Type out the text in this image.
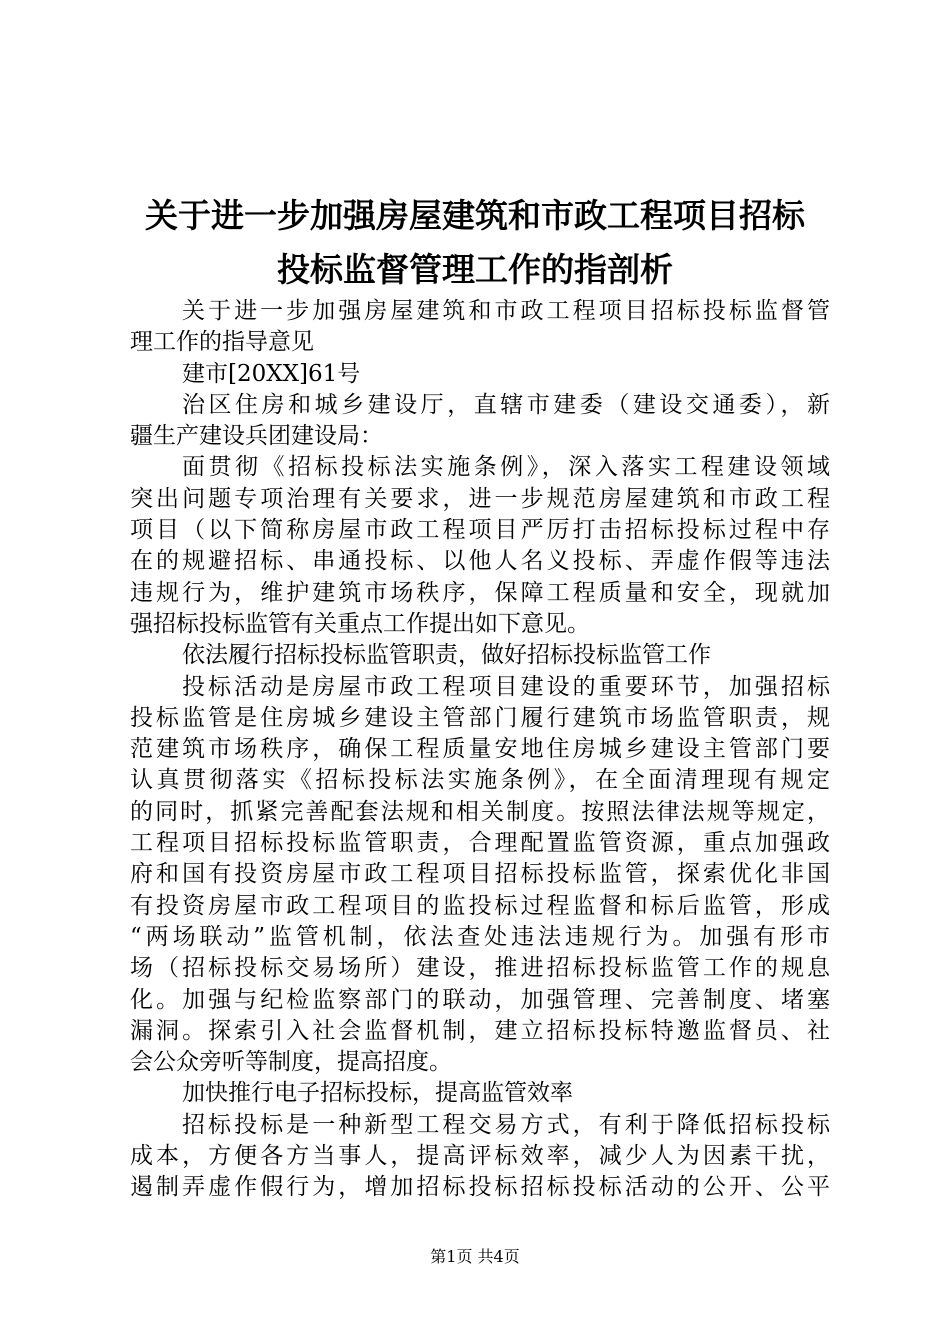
关于进一步加强房屋建筑和市政工程项目招标
投标监督管理工作的指剖析
关于进一步加强房屋建筑和市政工程项目招标投标监督管
理工作的指导意见
建市[20XX]61号
治区住房和城乡建设厅，直辖市建委（建设交通委），新
疆生产建设兵团建设局：
面贯彻《招标投标法实施条例》，深入落实工程建设领域
突出问题专项治理有关要求，进一步规范房屋建筑和市政工程
项目（以下简称房屋市政工程项目严厉打击招标投标过程中存
在的规避招标、串通投标、以他人名义投标、弄虚作假等违法
违规行为，维护建筑市场秩序，保障工程质量和安全，现就加
强招标投标监管有关重点工作提出如下意见。
依法履行招标投标监管职责，做好招标投标监管工作
投标活动是房屋市政工程项目建设的重要环节，加强招标
投标监管是住房城乡建设主管部门履行建筑市场监管职责，规
范建筑市场秩序，确保工程质量安地住房城乡建设主管部门要
认真贯彻落实《招标投标法实施条例》，在全面清理现有规定
的同时，抓紧完善配套法规和相关制度。按照法律法规等规定，
工程项目招标投标监管职责，合理配置监管资源，重点加强政
府和国有投资房屋市政工程项目招标投标监管，探索优化非国
有投资房屋市政工程项目的监投标过程监督和标后监管，形成
“两场联动”监管机制，依法查处违法违规行为。加强有形市
场（招标投标交易场所）建设，推进招标投标监管工作的规息
化。加强与纪检监察部门的联动，加强管理、完善制度、堵塞
漏洞。探索引入社会监督机制，建立招标投标特邀监督员、社
会公众旁听等制度，提高招度。
加快推行电子招标投标，提高监管效率
招标投标是一种新型工程交易方式，有利于降低招标投标
成本，方便各方当事人，提高评标效率，减少人为因素干扰，
遏制弄虚作假行为，增加招标投标招标投标活动的公开、公平
第1页 共4页
